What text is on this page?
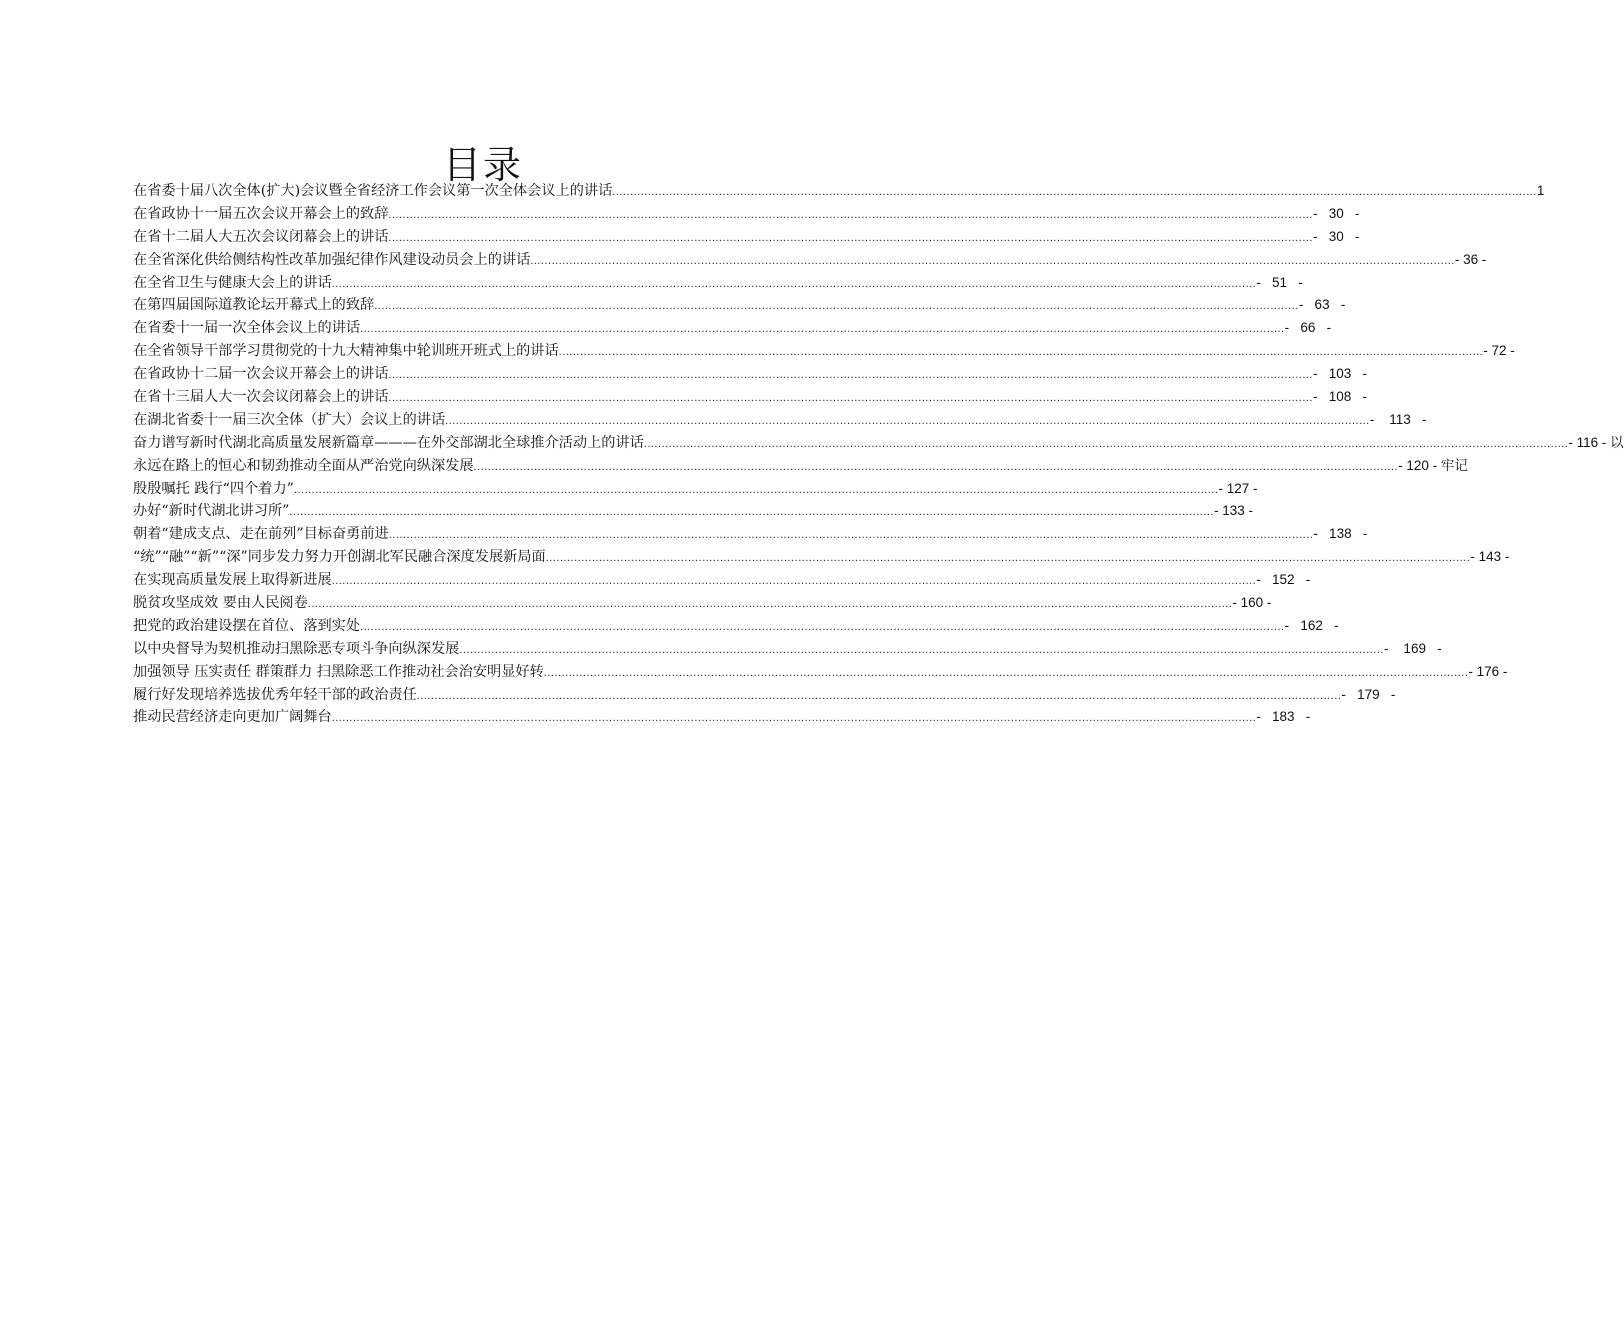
目录
在省委十届八次全体(扩大)会议暨全省经济工作会议第一次全体会议上的讲话 .................................................................................................................................................................................................................................................................... 1
在省政协十一届五次会议开幕会上的致辞 .................................................................................................................................................................................................................................................................... -   30   -
在省十二届人大五次会议闭幕会上的讲话 .................................................................................................................................................................................................................................................................... -   30   -
在全省深化供给侧结构性改革加强纪律作风建设动员会上的讲话 .................................................................................................................................................................................................................................................................... - 36 -
在全省卫生与健康大会上的讲话 .................................................................................................................................................................................................................................................................... -   51   -
在第四届国际道教论坛开幕式上的致辞 .................................................................................................................................................................................................................................................................... -   63   -
在省委十一届一次全体会议上的讲话 .................................................................................................................................................................................................................................................................... -   66   -
在全省领导干部学习贯彻党的十九大精神集中轮训班开班式上的讲话 .................................................................................................................................................................................................................................................................... - 72 -
在省政协十二届一次会议开幕会上的讲话 .................................................................................................................................................................................................................................................................... -   103   -
在省十三届人大一次会议闭幕会上的讲话 .................................................................................................................................................................................................................................................................... -   108   -
在湖北省委十一届三次全体（扩大）会议上的讲话 .................................................................................................................................................................................................................................................................... -    113   -
奋力谱写新时代湖北高质量发展新篇章———在外交部湖北全球推介活动上的讲话 .................................................................................................................................................................................................................................................................... - 116 - 以
永远在路上的恒心和韧劲推动全面从严治党向纵深发展 .................................................................................................................................................................................................................................................................... - 120 - 牢记
殷殷嘱托 践行“四个着力” .................................................................................................................................................................................................................................................................... - 127 -
办好“新时代湖北讲习所” .................................................................................................................................................................................................................................................................... - 133 -
朝着“建成支点、走在前列”目标奋勇前进 .................................................................................................................................................................................................................................................................... -   138   -
“统”“融”“新”“深”同步发力努力开创湖北军民融合深度发展新局面 .................................................................................................................................................................................................................................................................... - 143 -
在实现高质量发展上取得新进展 .................................................................................................................................................................................................................................................................... -   152   -
脱贫攻坚成效 要由人民阅卷 .................................................................................................................................................................................................................................................................... - 160 -
把党的政治建设摆在首位、落到实处 .................................................................................................................................................................................................................................................................... -   162   -
以中央督导为契机推动扫黑除恶专项斗争向纵深发展 .................................................................................................................................................................................................................................................................... -    169   -
加强领导 压实责任 群策群力 扫黑除恶工作推动社会治安明显好转 .................................................................................................................................................................................................................................................................... - 176 -
履行好发现培养选拔优秀年轻干部的政治责任 .................................................................................................................................................................................................................................................................... -   179   -
推动民营经济走向更加广阔舞台 .................................................................................................................................................................................................................................................................... -   183   -
